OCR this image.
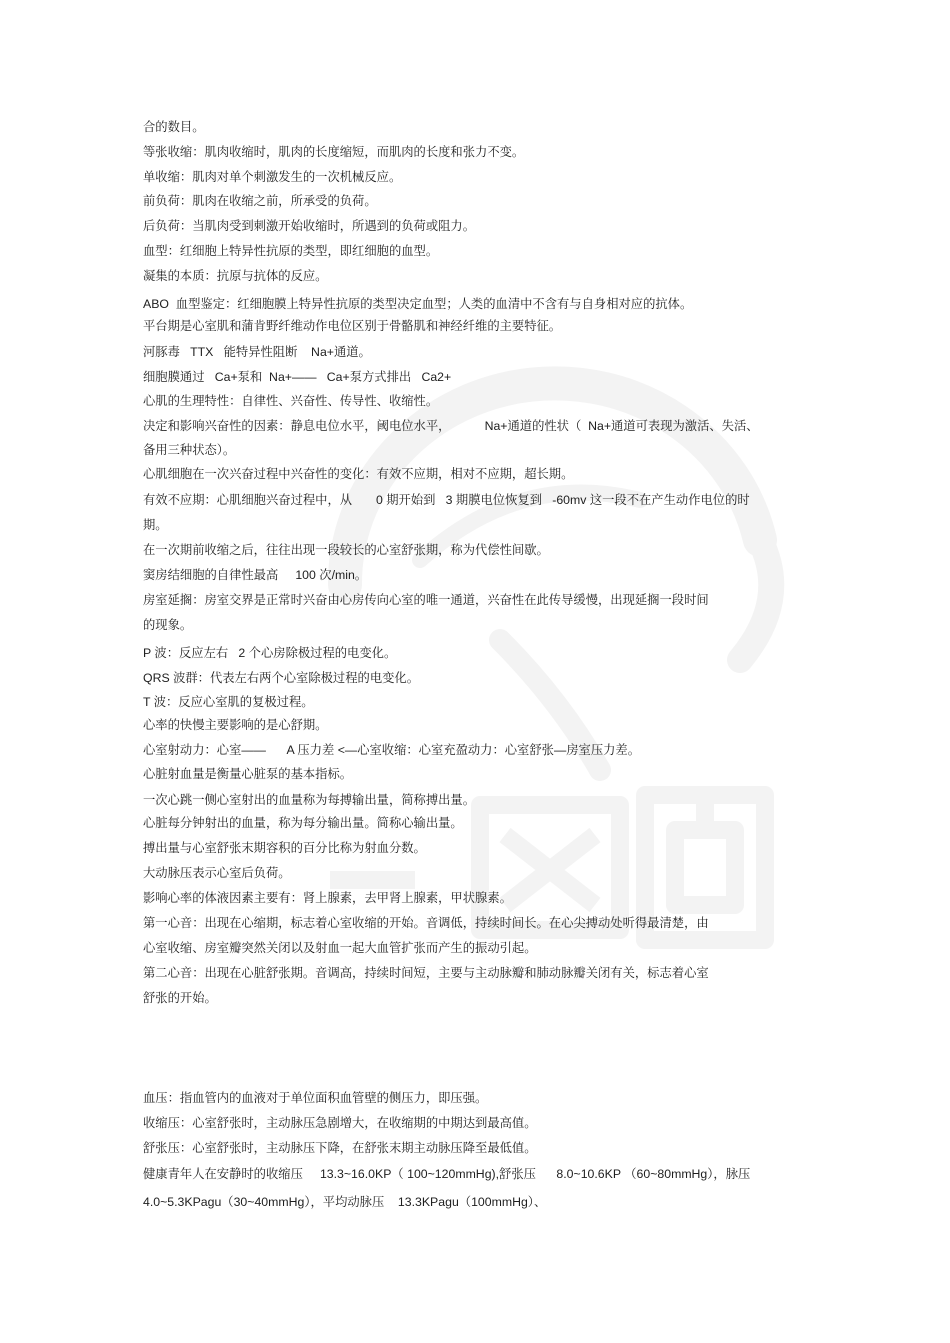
合的数目。
等张收缩：肌肉收缩时，肌肉的长度缩短，而肌肉的长度和张力不变。
单收缩：肌肉对单个刺激发生的一次机械反应。
前负荷：肌肉在收缩之前，所承受的负荷。
后负荷：当肌肉受到刺激开始收缩时，所遇到的负荷或阻力。
血型：红细胞上特异性抗原的类型，即红细胞的血型。
凝集的本质：抗原与抗体的反应。
ABO  血型鉴定：红细胞膜上特异性抗原的类型决定血型；人类的血清中不含有与自身相对应的抗体。
平台期是心室肌和蒲肯野纤维动作电位区别于骨骼肌和神经纤维的主要特征。
河豚毒   TTX   能特异性阻断    Na+通道。
细胞膜通过   Ca+泵和  Na+——   Ca+泵方式排出   Ca2+
心肌的生理特性：自律性、兴奋性、传导性、收缩性。
决定和影响兴奋性的因素：静息电位水平，阈电位水平，          Na+通道的性状（  Na+通道可表现为激活、失活、
备用三种状态）。
心肌细胞在一次兴奋过程中兴奋性的变化：有效不应期，相对不应期，超长期。
有效不应期：心肌细胞兴奋过程中，从       0 期开始到   3 期膜电位恢复到   -60mv 这一段不在产生动作电位的时
期。
在一次期前收缩之后，往往出现一段较长的心室舒张期，称为代偿性间歇。
窦房结细胞的自律性最高     100 次/min。
房室延搁：房室交界是正常时兴奋由心房传向心室的唯一通道，兴奋性在此传导缓慢，出现延搁一段时间
的现象。
P 波：反应左右   2 个心房除极过程的电变化。
QRS 波群：代表左右两个心室除极过程的电变化。
T 波：反应心室肌的复极过程。
心率的快慢主要影响的是心舒期。
心室射动力：心室——      A 压力差 <—心室收缩：心室充盈动力：心室舒张—房室压力差。
心脏射血量是衡量心脏泵的基本指标。
一次心跳一侧心室射出的血量称为每搏输出量，简称搏出量。
心脏每分钟射出的血量，称为每分输出量。简称心输出量。
搏出量与心室舒张末期容积的百分比称为射血分数。
大动脉压表示心室后负荷。
影响心率的体液因素主要有：肾上腺素，去甲肾上腺素，甲状腺素。
第一心音：出现在心缩期，标志着心室收缩的开始。音调低，持续时间长。在心尖搏动处听得最清楚，由
心室收缩、房室瓣突然关闭以及射血一起大血管扩张而产生的振动引起。
第二心音：出现在心脏舒张期。音调高，持续时间短，主要与主动脉瓣和肺动脉瓣关闭有关，标志着心室
舒张的开始。
血压：指血管内的血液对于单位面积血管壁的侧压力，即压强。
收缩压：心室舒张时，主动脉压急剧增大，在收缩期的中期达到最高值。
舒张压：心室舒张时，主动脉压下降，在舒张末期主动脉压降至最低值。
健康青年人在安静时的收缩压     13.3~16.0KP（ 100~120mmHg),舒张压      8.0~10.6KP （60~80mmHg），脉压
4.0~5.3KPagu（30~40mmHg），平均动脉压    13.3KPagu（100mmHg）、
